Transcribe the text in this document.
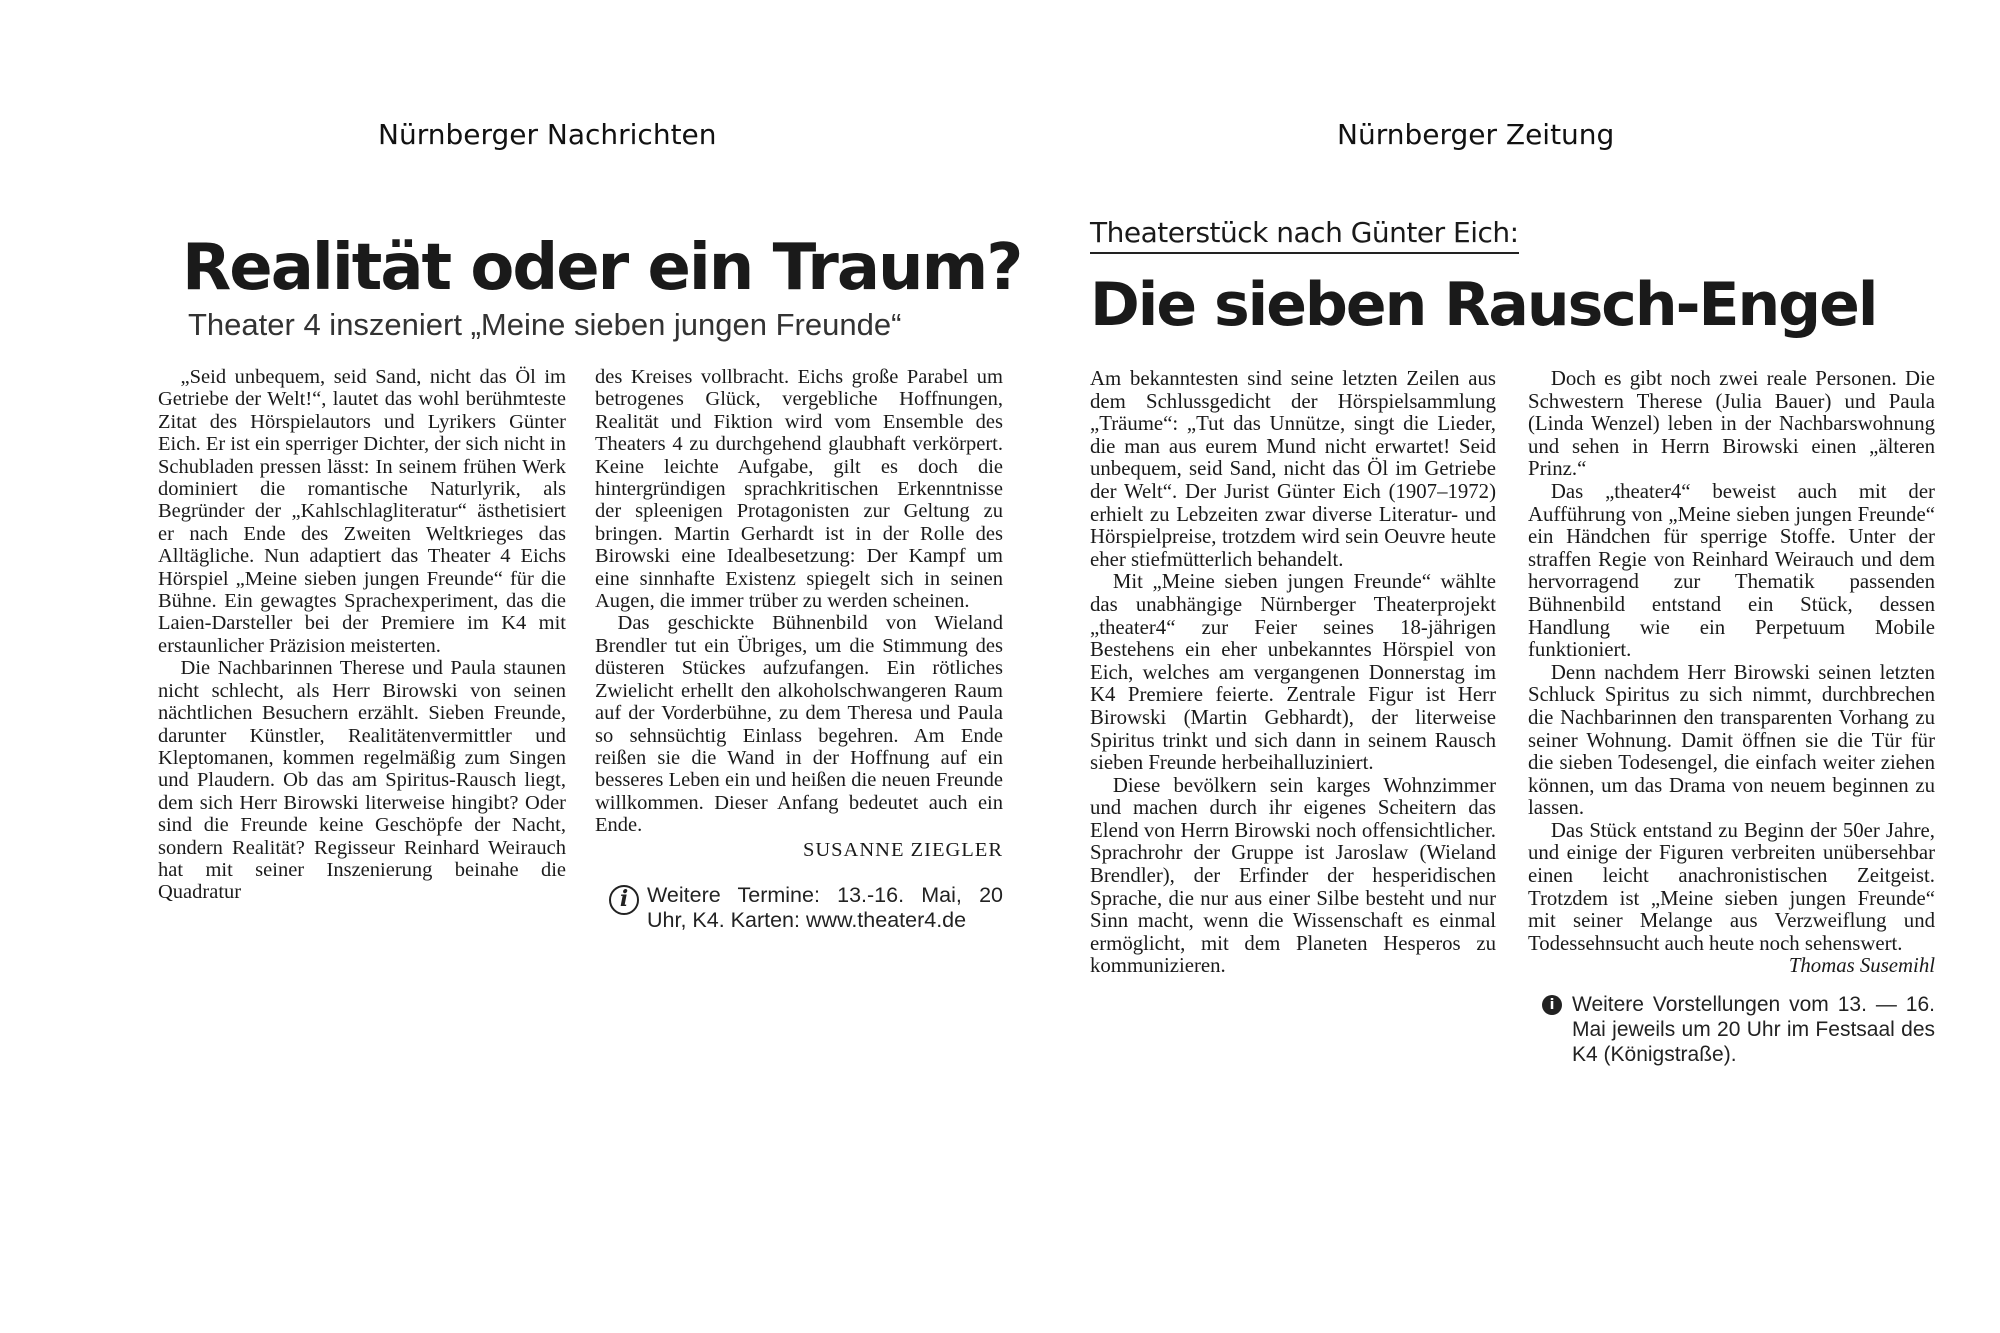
Nürnberger Nachrichten	Nürnberger Zeitung
Realität oder ein Traum?
Theater 4 inszeniert „Meine sieben jungen Freunde“

„Seid unbequem, seid Sand, nicht das Öl im Getriebe der Welt!“, lautet das wohl berühmteste Zitat des Hörspielautors und Lyrikers Günter Eich. Er ist ein sperriger Dichter, der sich nicht in Schubladen pressen lässt: In seinem frühen Werk dominiert die romantische Naturlyrik, als Begründer der „Kahlschlagliteratur“ ästhetisiert er nach Ende des Zweiten Weltkrieges das Alltägliche. Nun adaptiert das Theater 4 Eichs Hörspiel „Meine sieben jungen Freunde“ für die Bühne. Ein gewagtes Sprachexperiment, das die Laien-Darsteller bei der Premiere im K4 mit erstaunlicher Präzision meisterten.

Die Nachbarinnen Therese und Paula staunen nicht schlecht, als Herr Birowski von seinen nächtlichen Besuchern erzählt. Sieben Freunde, darunter Künstler, Realitätenvermittler und Kleptomanen, kommen regelmäßig zum Singen und Plaudern. Ob das am Spiritus-Rausch liegt, dem sich Herr Birowski literweise hingibt? Oder sind die Freunde keine Geschöpfe der Nacht, sondern Realität? Regisseur Reinhard Weirauch hat mit seiner Inszenierung beinahe die Quadratur

des Kreises vollbracht. Eichs große Parabel um betrogenes Glück, vergebliche Hoffnungen, Realität und Fiktion wird vom Ensemble des Theaters 4 zu durchgehend glaubhaft verkörpert. Keine leichte Aufgabe, gilt es doch die hintergründigen sprachkritischen Erkenntnisse der spleenigen Protagonisten zur Geltung zu bringen. Martin Gerhardt ist in der Rolle des Birowski eine Idealbesetzung: Der Kampf um eine sinnhafte Existenz spiegelt sich in seinen Augen, die immer trüber zu werden scheinen.

Das geschickte Bühnenbild von Wieland Brendler tut ein Übriges, um die Stimmung des düsteren Stückes aufzufangen. Ein rötliches Zwielicht erhellt den alkoholschwangeren Raum auf der Vorderbühne, zu dem Theresa und Paula so sehnsüchtig Einlass begehren. Am Ende reißen sie die Wand in der Hoffnung auf ein besseres Leben ein und heißen die neuen Freunde willkommen. Dieser Anfang bedeutet auch ein Ende.

SUSANNE ZIEGLER
i Weitere Termine: 13.-16. Mai, 20 Uhr, K4. Karten: www.theater4.de
Theaterstück nach Günter Eich:
Die sieben Rausch-Engel

Am bekanntesten sind seine letzten Zeilen aus dem Schlussgedicht der Hörspielsammlung „Träume“: „Tut das Unnütze, singt die Lieder, die man aus eurem Mund nicht erwartet! Seid unbequem, seid Sand, nicht das Öl im Getriebe der Welt“. Der Jurist Günter Eich (1907–1972) erhielt zu Lebzeiten zwar diverse Literatur- und Hörspielpreise, trotzdem wird sein Oeuvre heute eher stiefmütterlich behandelt.

Mit „Meine sieben jungen Freunde“ wählte das unabhängige Nürnberger Theaterprojekt „theater4“ zur Feier seines 18-jährigen Bestehens ein eher unbekanntes Hörspiel von Eich, welches am vergangenen Donnerstag im K4 Premiere feierte. Zentrale Figur ist Herr Birowski (Martin Gebhardt), der literweise Spiritus trinkt und sich dann in seinem Rausch sieben Freunde herbeihalluziniert.

Diese bevölkern sein karges Wohnzimmer und machen durch ihr eigenes Scheitern das Elend von Herrn Birowski noch offensichtlicher. Sprachrohr der Gruppe ist Jaroslaw (Wieland Brendler), der Erfinder der hesperidischen Sprache, die nur aus einer Silbe besteht und nur Sinn macht, wenn die Wissenschaft es einmal ermöglicht, mit dem Planeten Hesperos zu kommunizieren.

Doch es gibt noch zwei reale Personen. Die Schwestern Therese (Julia Bauer) und Paula (Linda Wenzel) leben in der Nachbarswohnung und sehen in Herrn Birowski einen „älteren Prinz.“

Das „theater4“ beweist auch mit der Aufführung von „Meine sieben jungen Freunde“ ein Händchen für sperrige Stoffe. Unter der straffen Regie von Reinhard Weirauch und dem hervorragend zur Thematik passenden Bühnenbild entstand ein Stück, dessen Handlung wie ein Perpetuum Mobile funktioniert.

Denn nachdem Herr Birowski seinen letzten Schluck Spiritus zu sich nimmt, durchbrechen die Nachbarinnen den transparenten Vorhang zu seiner Wohnung. Damit öffnen sie die Tür für die sieben Todesengel, die einfach weiter ziehen können, um das Drama von neuem beginnen zu lassen.

Das Stück entstand zu Beginn der 50er Jahre, und einige der Figuren verbreiten unübersehbar einen leicht anachronistischen Zeitgeist. Trotzdem ist „Meine sieben jungen Freunde“ mit seiner Melange aus Verzweiflung und Todessehnsucht auch heute noch sehenswert.

Thomas Susemihl
i Weitere Vorstellungen vom 13. — 16. Mai jeweils um 20 Uhr im Festsaal des K4 (Königstraße).
